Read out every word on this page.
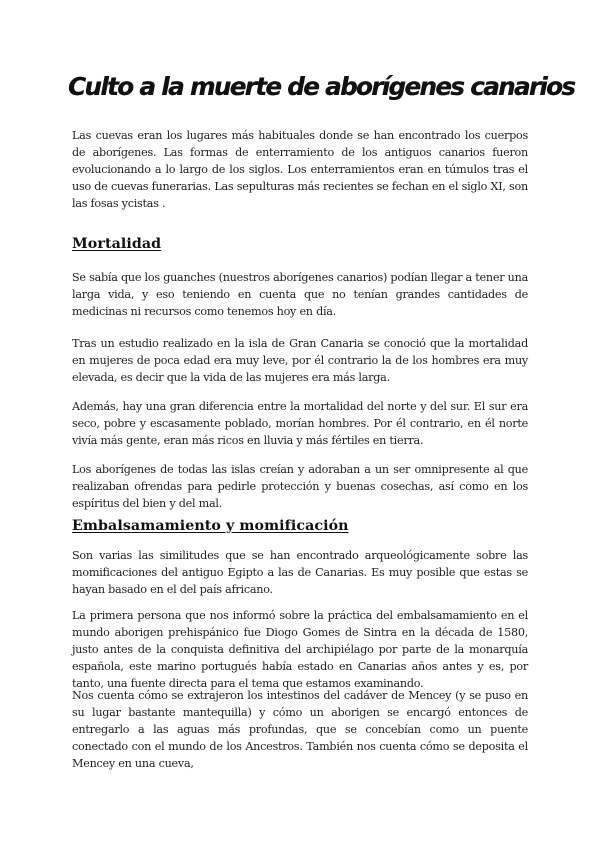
Culto a la muerte de aborígenes canarios

Las cuevas eran los lugares más habituales donde se han encontrado los cuerpos de aborígenes. Las formas de enterramiento de los antiguos canarios fueron evolucionando a lo largo de los siglos. Los enterramientos eran en túmulos tras el uso de cuevas funerarias. Las sepulturas más recientes se fechan en el siglo XI, son las fosas ycistas .

Mortalidad

Se sabía que los guanches (nuestros aborígenes canarios) podían llegar a tener una larga vida, y eso teniendo en cuenta que no tenían grandes cantidades de medicinas ni recursos como tenemos hoy en día.

Tras un estudio realizado en la isla de Gran Canaria se conoció que la mortalidad en mujeres de poca edad era muy leve, por él contrario la de los hombres era muy elevada, es decir que la vida de las mujeres era más larga.

Además, hay una gran diferencia entre la mortalidad del norte y del sur. El sur era seco, pobre y escasamente poblado, morían hombres. Por él contrario, en él norte vivía más gente, eran más ricos en lluvia y más fértiles en tierra.

Los aborígenes de todas las islas creían y adoraban a un ser omnipresente al que realizaban ofrendas para pedirle protección y buenas cosechas, así como en los espíritus del bien y del mal.

Embalsamamiento y momificación

Son varias las similitudes que se han encontrado arqueológicamente sobre las momificaciones del antiguo Egipto a las de Canarias. Es muy posible que estas se hayan basado en el del país africano.

La primera persona que nos informó sobre la práctica del embalsamamiento en el mundo aborigen prehispánico fue Diogo Gomes de Sintra en la década de 1580, justo antes de la conquista definitiva del archipiélago por parte de la monarquía española, este marino portugués había estado en Canarias años antes y es, por tanto, una fuente directa para el tema que estamos examinando.

Nos cuenta cómo se extrajeron los intestinos del cadáver de Mencey (y se puso en su lugar bastante mantequilla) y cómo un aborigen se encargó entonces de entregarlo a las aguas más profundas, que se concebían como un puente conectado con el mundo de los Ancestros. También nos cuenta cómo se deposita el Mencey en una cueva,
